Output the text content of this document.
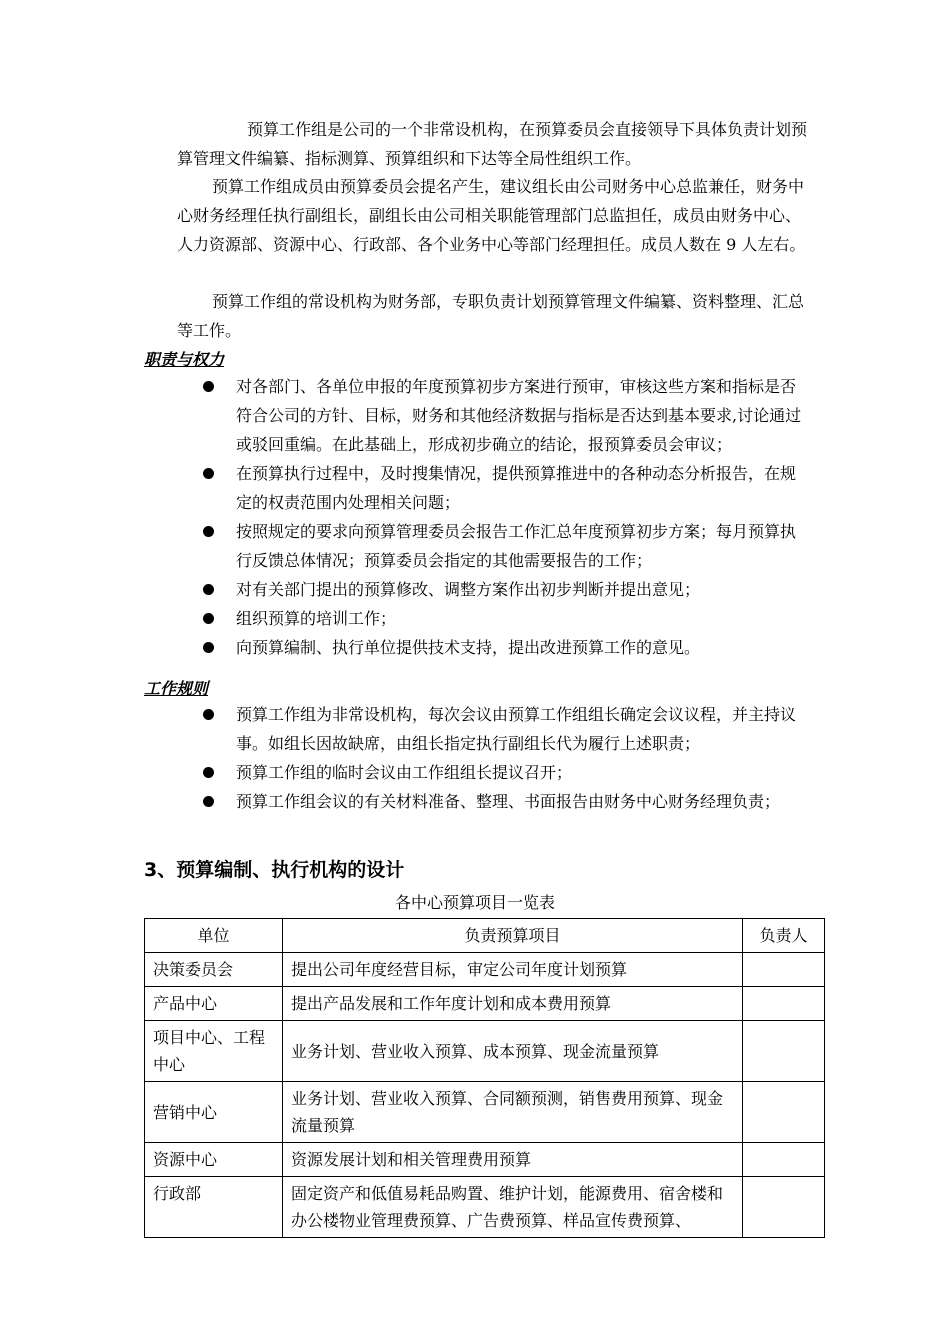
预算工作组是公司的一个非常设机构，在预算委员会直接领导下具体负责计划预算管理文件编纂、指标测算、预算组织和下达等全局性组织工作。

预算工作组成员由预算委员会提名产生，建议组长由公司财务中心总监兼任，财务中心财务经理任执行副组长，副组长由公司相关职能管理部门总监担任，成员由财务中心、人力资源部、资源中心、行政部、各个业务中心等部门经理担任。成员人数在 9 人左右。

预算工作组的常设机构为财务部，专职负责计划预算管理文件编纂、资料整理、汇总等工作。

职责与权力

对各部门、各单位申报的年度预算初步方案进行预审，审核这些方案和指标是否符合公司的方针、目标，财务和其他经济数据与指标是否达到基本要求,讨论通过或驳回重编。在此基础上，形成初步确立的结论，报预算委员会审议；
在预算执行过程中，及时搜集情况，提供预算推进中的各种动态分析报告，在规定的权责范围内处理相关问题；
按照规定的要求向预算管理委员会报告工作汇总年度预算初步方案；每月预算执行反馈总体情况；预算委员会指定的其他需要报告的工作；
对有关部门提出的预算修改、调整方案作出初步判断并提出意见；
组织预算的培训工作；
向预算编制、执行单位提供技术支持，提出改进预算工作的意见。

工作规则

预算工作组为非常设机构，每次会议由预算工作组组长确定会议议程，并主持议事。如组长因故缺席，由组长指定执行副组长代为履行上述职责；
预算工作组的临时会议由工作组组长提议召开；
预算工作组会议的有关材料准备、整理、书面报告由财务中心财务经理负责；
3、预算编制、执行机构的设计

各中心预算项目一览表

单位	负责预算项目	负责人
决策委员会	提出公司年度经营目标，审定公司年度计划预算	
产品中心	提出产品发展和工作年度计划和成本费用预算	
项目中心、工程中心	业务计划、营业收入预算、成本预算、现金流量预算	
营销中心	业务计划、营业收入预算、合同额预测，销售费用预算、现金流量预算	
资源中心	资源发展计划和相关管理费用预算	
行政部	固定资产和低值易耗品购置、维护计划，能源费用、宿舍楼和办公楼物业管理费预算、广告费预算、样品宣传费预算、	
